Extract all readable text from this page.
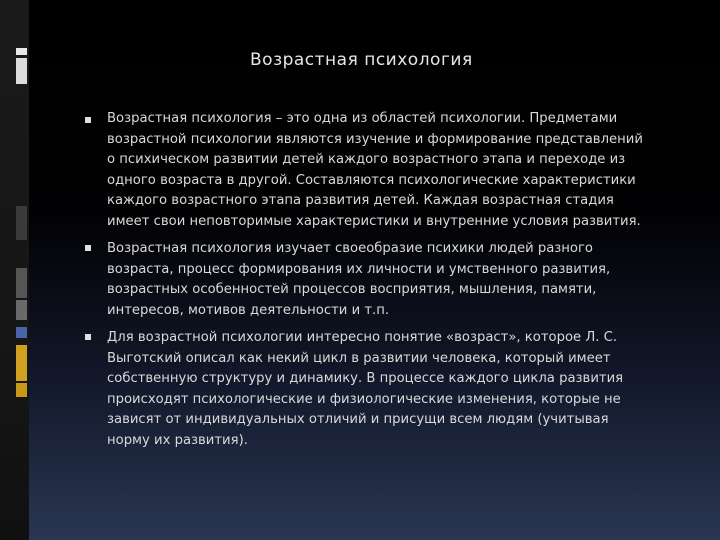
Возрастная психология
Возрастная психология – это одна из областей психологии. Предметами
возрастной психологии являются изучение и формирование представлений
о психическом развитии детей каждого возрастного этапа и переходе из
одного возраста в другой. Составляются психологические характеристики
каждого возрастного этапа развития детей. Каждая возрастная стадия
имеет свои неповторимые характеристики и внутренние условия развития.
Возрастная психология изучает своеобразие психики людей разного
возраста, процесс формирования их личности и умственного развития,
возрастных особенностей процессов восприятия, мышления, памяти,
интересов, мотивов деятельности и т.п.
Для возрастной психологии интересно понятие «возраст», которое Л. С.
Выготский описал как некий цикл в развитии человека, который имеет
собственную структуру и динамику. В процессе каждого цикла развития
происходят психологические и физиологические изменения, которые не
зависят от индивидуальных отличий и присущи всем людям (учитывая
норму их развития).
